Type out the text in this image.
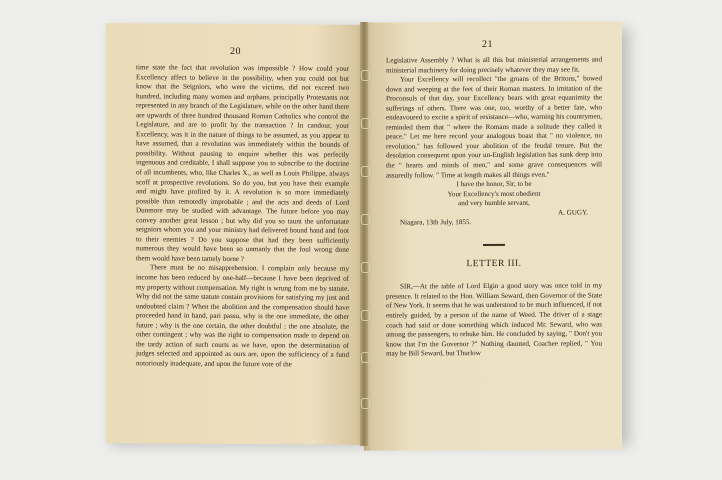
20

time state the fact that revolution was impossible ? How could your Excellency affect to believe in the possibility, when you could not but know that the Seigniors, who were the victims, did not exceed two hundred, including many women and orphans, principally Protestants not represented in any branch of the Legislature, while on the other hand there are upwards of three hundred thousand Roman Catholics who control the Legislature, and are to profit by the transaction ? In candour, your Excellency, was it in the nature of things to be assumed, as you appear to have assumed, that a revolution was immediately within the bounds of possibility. Without pausing to enquire whether this was perfectly ingenuous and creditable, I shall suppose you to subscribe to the doctrine of all incumbents, who, like Charles X., as well as Louis Philippe, always scoff at prospective revolutions. So do you, but you have their example and might have profited by it. A revolution is so more immediately possible than remotedly improbable ; and the acts and deeds of Lord Dunmore may be studied with advantage. The future before you may convey another great lesson ; but why did you so taunt the unfortunate seigniors whom you and your ministry had delivered bound hand and foot to their enemies ? Do you suppose that had they been sufficiently numerous they would have been so unmanly that the foul wrong done them would have been tamely borne ?

There must be no misapprehension. I complain only because my income has been reduced by one-half—because I have been deprived of my property without compensation. My right is wrung from me by statute. Why did not the same statute contain provisions for satisfying my just and undoubted claim ? When the abolition and the compensation should have proceeded hand in hand, pari passu, why is the one immediate, the other future ; why is the one certain, the other doubtful ; the one absolute, the other contingent ; why was the right to compensation made to depend on the tardy action of such courts as we have, upon the determination of judges selected and appointed as ours are, upon the sufficiency of a fund notoriously inadequate, and upon the future vote of the

21

Legislative Assembly ? What is all this but ministerial arrangements and ministerial machinery for doing precisely whatever they may see fit.

Your Excellency will recollect "the groans of the Britons," bowed down and weeping at the feet of their Roman masters. In imitation of the Proconsuls of that day, your Excellency bears with great equanimity the sufferings of others. There was one, too, worthy of a better fate, who endeavoured to excite a spirit of resistance—who, warning his countrymen, reminded them that " where the Romans made a solitude they called it peace." Let me here record your analogous boast that " no violence, no revolution," has followed your abolition of the feudal tenure. But the desolation consequent upon your un-English legislation has sunk deep into the " hearts and minds of men," and some grave consequences will assuredly follow. " Time at length makes all things even."

I have the honor, Sir, to be

Your Excellency's most obedient

and very humble servant,

A. GUGY.

Niagara, 13th July, 1855.

LETTER III.

SIR,—At the table of Lord Elgin a good story was once told in my presence. It related to the Hon. William Seward, then Governor of the State of New York. It seems that he was understood to be much influenced, if not entirely guided, by a person of the name of Weed. The driver of a stage coach had said or done something which induced Mr. Seward, who was among the passengers, to rebuke him. He concluded by saying, " Don't you know that I'm the Governor ?" Nothing daunted, Coachee replied, " You may be Bill Seward, but Thurlow
